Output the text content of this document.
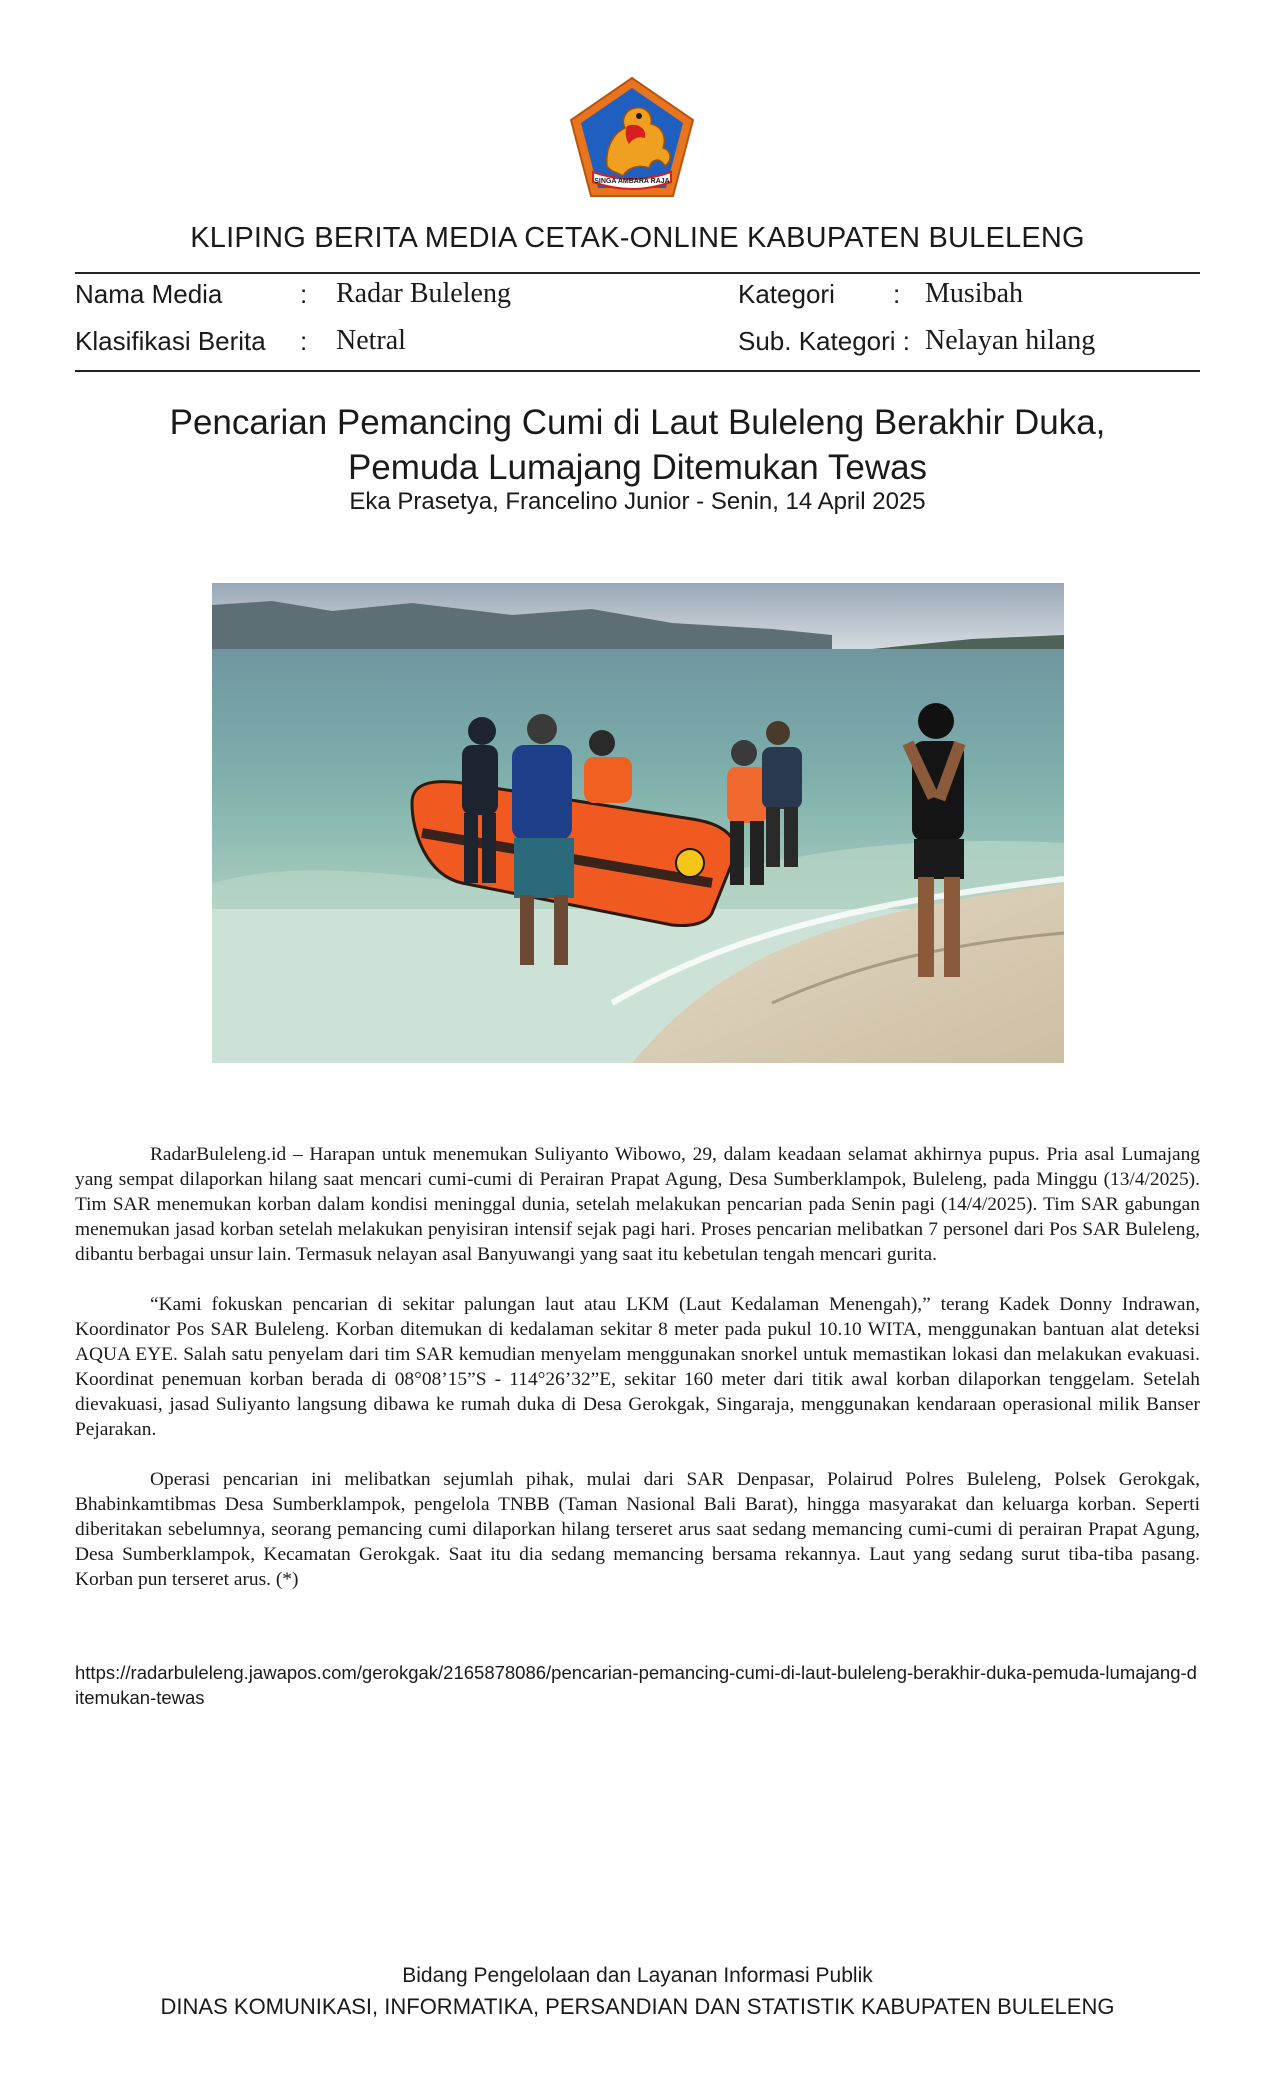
SINGA AMBARA RAJA
KLIPING BERITA MEDIA CETAK-ONLINE KABUPATEN BULELENG
Nama Media	: Radar Buleleng	Kategori : Musibah
Klasifikasi Berita : Netral	Sub. Kategori : Nelayan hilang
Pencarian Pemancing Cumi di Laut Buleleng Berakhir Duka,
Pemuda Lumajang Ditemukan Tewas
Eka Prasetya, Francelino Junior - Senin, 14 April 2025

RadarBuleleng.id – Harapan untuk menemukan Suliyanto Wibowo, 29, dalam keadaan selamat akhirnya pupus. Pria asal Lumajang yang sempat dilaporkan hilang saat mencari cumi-cumi di Perairan Prapat Agung, Desa Sumberklampok, Buleleng, pada Minggu (13/4/2025). Tim SAR menemukan korban dalam kondisi meninggal dunia, setelah melakukan pencarian pada Senin pagi (14/4/2025). Tim SAR gabungan menemukan jasad korban setelah melakukan penyisiran intensif sejak pagi hari. Proses pencarian melibatkan 7 personel dari Pos SAR Buleleng, dibantu berbagai unsur lain. Termasuk nelayan asal Banyuwangi yang saat itu kebetulan tengah mencari gurita.

“Kami fokuskan pencarian di sekitar palungan laut atau LKM (Laut Kedalaman Menengah),” terang Kadek Donny Indrawan, Koordinator Pos SAR Buleleng. Korban ditemukan di kedalaman sekitar 8 meter pada pukul 10.10 WITA, menggunakan bantuan alat deteksi AQUA EYE. Salah satu penyelam dari tim SAR kemudian menyelam menggunakan snorkel untuk memastikan lokasi dan melakukan evakuasi. Koordinat penemuan korban berada di 08°08’15”S - 114°26’32”E, sekitar 160 meter dari titik awal korban dilaporkan tenggelam. Setelah dievakuasi, jasad Suliyanto langsung dibawa ke rumah duka di Desa Gerokgak, Singaraja, menggunakan kendaraan operasional milik Banser Pejarakan.

Operasi pencarian ini melibatkan sejumlah pihak, mulai dari SAR Denpasar, Polairud Polres Buleleng, Polsek Gerokgak, Bhabinkamtibmas Desa Sumberklampok, pengelola TNBB (Taman Nasional Bali Barat), hingga masyarakat dan keluarga korban. Seperti diberitakan sebelumnya, seorang pemancing cumi dilaporkan hilang terseret arus saat sedang memancing cumi-cumi di perairan Prapat Agung, Desa Sumberklampok, Kecamatan Gerokgak. Saat itu dia sedang memancing bersama rekannya. Laut yang sedang surut tiba-tiba pasang. Korban pun terseret arus. (*)

https://radarbuleleng.jawapos.com/gerokgak/2165878086/pencarian-pemancing-cumi-di-laut-buleleng-berakhir-duka-pemuda-lumajang-ditemukan-tewas
Bidang Pengelolaan dan Layanan Informasi Publik
DINAS KOMUNIKASI, INFORMATIKA, PERSANDIAN DAN STATISTIK KABUPATEN BULELENG
